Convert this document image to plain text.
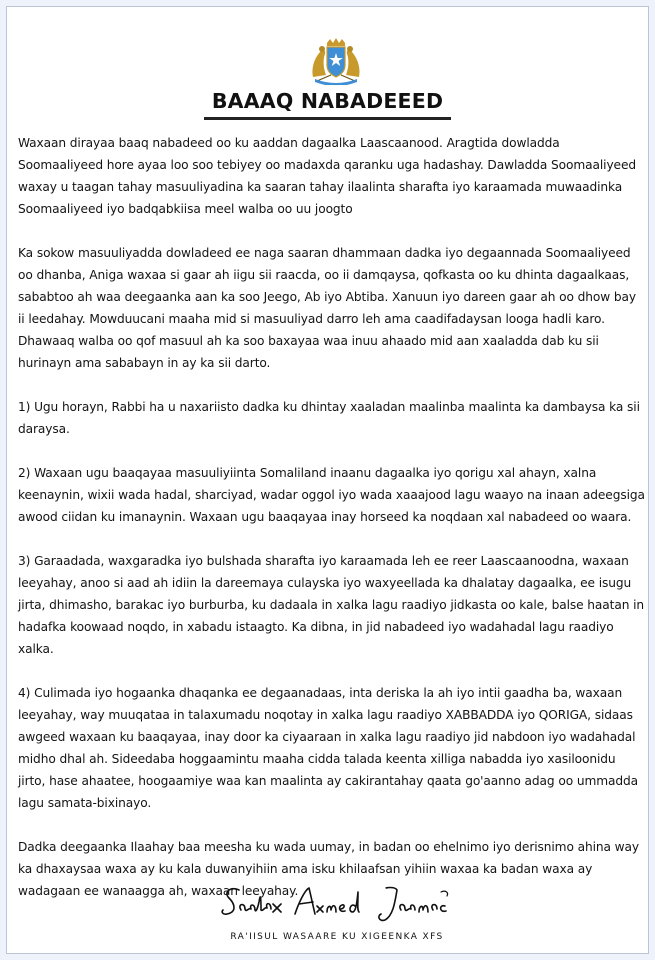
BAAAQ NABADEEED

Waxaan dirayaa baaq nabadeed oo ku aaddan dagaalka Laascaanood. Aragtida dowladda Soomaaliyeed hore ayaa loo soo tebiyey oo madaxda qaranku uga hadashay. Dawladda Soomaaliyeed waxay u taagan tahay masuuliyadina ka saaran tahay ilaalinta sharafta iyo karaamada muwaadinka Soomaaliyeed iyo badqabkiisa meel walba oo uu joogto

Ka sokow masuuliyadda dowladeed ee naga saaran dhammaan dadka iyo degaannada Soomaaliyeed oo dhanba, Aniga waxaa si gaar ah iigu sii raacda, oo ii damqaysa, qofkasta oo ku dhinta dagaalkaas, sababtoo ah waa deegaanka aan ka soo Jeego, Ab iyo Abtiba. Xanuun iyo dareen gaar ah oo dhow bay ii leedahay. Mowduucani maaha mid si masuuliyad darro leh ama caadifadaysan looga hadli karo. Dhawaaq walba oo qof masuul ah ka soo baxayaa waa inuu ahaado mid aan xaaladda dab ku sii hurinayn ama sababayn in ay ka sii darto.

1) Ugu horayn, Rabbi ha u naxariisto dadka ku dhintay xaaladan maalinba maalinta ka dambaysa ka sii daraysa.

2) Waxaan ugu baaqayaa masuuliyiinta Somaliland inaanu dagaalka iyo qorigu xal ahayn, xalna keenaynin, wixii wada hadal, sharciyad, wadar oggol iyo wada xaaajood lagu waayo na inaan adeegsiga awood ciidan ku imanaynin. Waxaan ugu baaqayaa inay horseed ka noqdaan xal nabadeed oo waara.

3) Garaadada, waxgaradka iyo bulshada sharafta iyo karaamada leh ee reer Laascaanoodna, waxaan leeyahay, anoo si aad ah idiin la dareemaya culayska iyo waxyeellada ka dhalatay dagaalka, ee isugu jirta, dhimasho, barakac iyo burburba, ku dadaala in xalka lagu raadiyo jidkasta oo kale, balse haatan in hadafka koowaad noqdo, in xabadu istaagto. Ka dibna, in jid nabadeed iyo wadahadal lagu raadiyo xalka.

4) Culimada iyo hogaanka dhaqanka ee degaanadaas, inta deriska la ah iyo intii gaadha ba, waxaan leeyahay, way muuqataa in talaxumadu noqotay in xalka lagu raadiyo XABBADDA iyo QORIGA, sidaas awgeed waxaan ku baaqayaa, inay door ka ciyaaraan in xalka lagu raadiyo jid nabdoon iyo wadahadal midho dhal ah. Sideedaba hoggaamintu maaha cidda talada keenta xilliga nabadda iyo xasiloonidu jirto, hase ahaatee, hoogaamiye waa kan maalinta ay cakirantahay qaata go'aanno adag oo ummadda lagu samata-bixinayo.

Dadka deegaanka Ilaahay baa meesha ku wada uumay, in badan oo ehelnimo iyo derisnimo ahina way ka dhaxaysaa waxa ay ku kala duwanyihiin ama isku khilaafsan yihiin waxaa ka badan waxa ay wadagaan ee wanaagga ah, waxaan leeyahay.

RA'IISUL WASAARE KU XIGEENKA XFS
